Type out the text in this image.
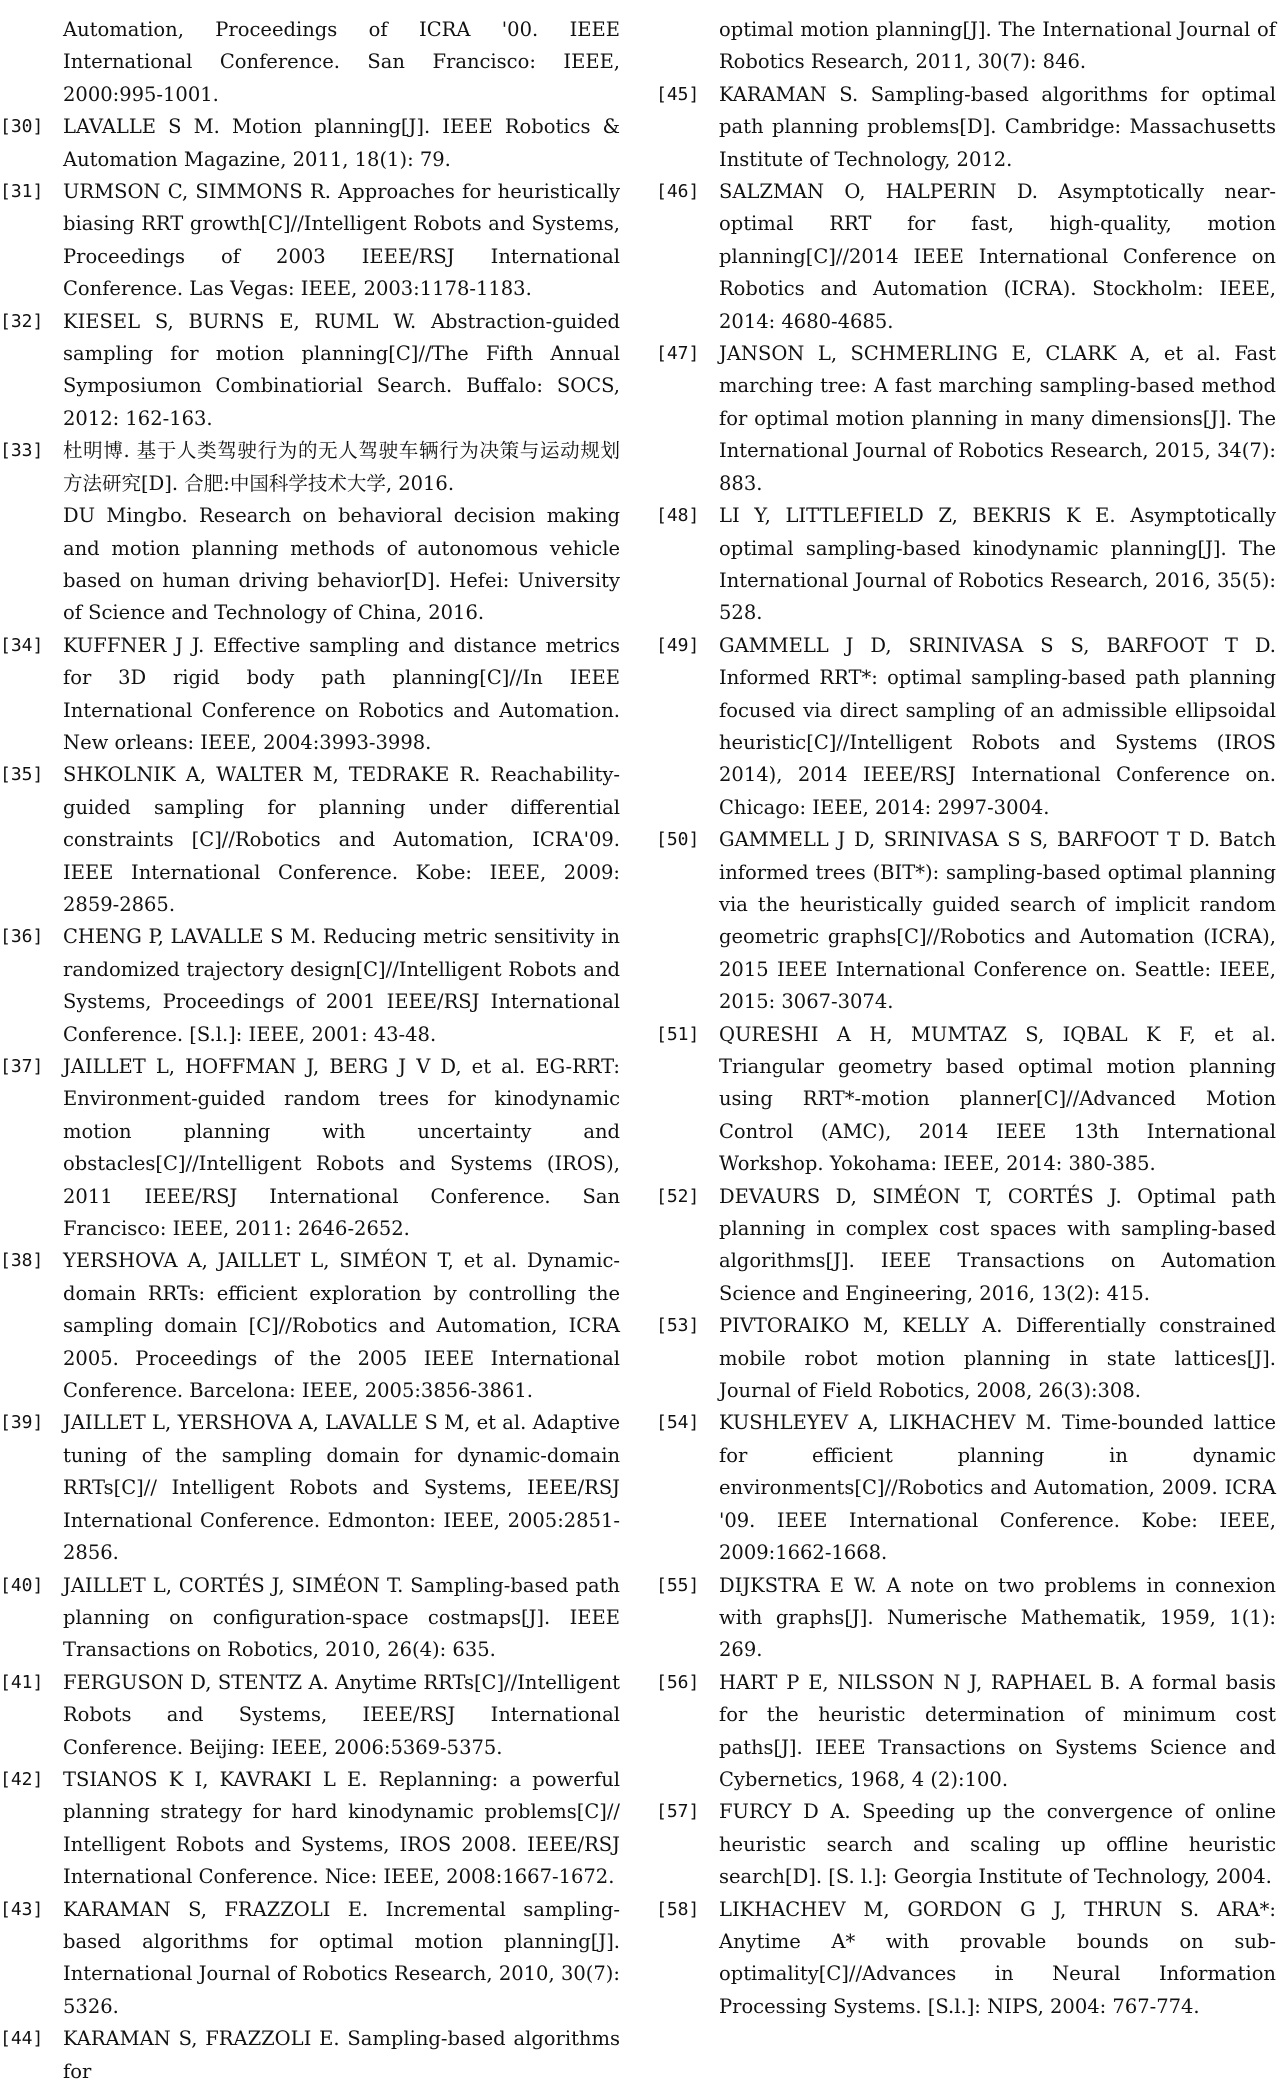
Automation, Proceedings of ICRA '00. IEEE International Conference. San Francisco: IEEE, 2000:995-1001.
[30] LAVALLE S M. Motion planning[J]. IEEE Robotics & Automation Magazine, 2011, 18(1): 79.
[31] URMSON C, SIMMONS R. Approaches for heuristically biasing RRT growth[C]//Intelligent Robots and Systems, Proceedings of 2003 IEEE/RSJ International Conference. Las Vegas: IEEE, 2003:1178-1183.
[32] KIESEL S, BURNS E, RUML W. Abstraction-guided sampling for motion planning[C]//The Fifth Annual Symposiumon Combinatiorial Search. Buffalo: SOCS, 2012: 162-163.
[33] 杜明博. 基于人类驾驶行为的无人驾驶车辆行为决策与运动规划方法研究[D]. 合肥:中国科学技术大学, 2016.
DU Mingbo. Research on behavioral decision making and motion planning methods of autonomous vehicle based on human driving behavior[D]. Hefei: University of Science and Technology of China, 2016.
[34] KUFFNER J J. Effective sampling and distance metrics for 3D rigid body path planning[C]//In IEEE International Conference on Robotics and Automation. New orleans: IEEE, 2004:3993-3998.
[35] SHKOLNIK A, WALTER M, TEDRAKE R. Reachability-guided sampling for planning under differential constraints [C]//Robotics and Automation, ICRA'09. IEEE International Conference. Kobe: IEEE, 2009: 2859-2865.
[36] CHENG P, LAVALLE S M. Reducing metric sensitivity in randomized trajectory design[C]//Intelligent Robots and Systems, Proceedings of 2001 IEEE/RSJ International Conference. [S.l.]: IEEE, 2001: 43-48.
[37] JAILLET L, HOFFMAN J, BERG J V D, et al. EG-RRT: Environment-guided random trees for kinodynamic motion planning with uncertainty and obstacles[C]//Intelligent Robots and Systems (IROS), 2011 IEEE/RSJ International Conference. San Francisco: IEEE, 2011: 2646-2652.
[38] YERSHOVA A, JAILLET L, SIMÉON T, et al. Dynamic-domain RRTs: efficient exploration by controlling the sampling domain [C]//Robotics and Automation, ICRA 2005. Proceedings of the 2005 IEEE International Conference. Barcelona: IEEE, 2005:3856-3861.
[39] JAILLET L, YERSHOVA A, LAVALLE S M, et al. Adaptive tuning of the sampling domain for dynamic-domain RRTs[C]// Intelligent Robots and Systems, IEEE/RSJ International Conference. Edmonton: IEEE, 2005:2851-2856.
[40] JAILLET L, CORTÉS J, SIMÉON T. Sampling-based path planning on configuration-space costmaps[J]. IEEE Transactions on Robotics, 2010, 26(4): 635.
[41] FERGUSON D, STENTZ A. Anytime RRTs[C]//Intelligent Robots and Systems, IEEE/RSJ International Conference. Beijing: IEEE, 2006:5369-5375.
[42] TSIANOS K I, KAVRAKI L E. Replanning: a powerful planning strategy for hard kinodynamic problems[C]// Intelligent Robots and Systems, IROS 2008. IEEE/RSJ International Conference. Nice: IEEE, 2008:1667-1672.
[43] KARAMAN S, FRAZZOLI E. Incremental sampling-based algorithms for optimal motion planning[J]. International Journal of Robotics Research, 2010, 30(7): 5326.
[44] KARAMAN S, FRAZZOLI E. Sampling-based algorithms for
optimal motion planning[J]. The International Journal of Robotics Research, 2011, 30(7): 846.
[45] KARAMAN S. Sampling-based algorithms for optimal path planning problems[D]. Cambridge: Massachusetts Institute of Technology, 2012.
[46] SALZMAN O, HALPERIN D. Asymptotically near-optimal RRT for fast, high-quality, motion planning[C]//2014 IEEE International Conference on Robotics and Automation (ICRA). Stockholm: IEEE, 2014: 4680-4685.
[47] JANSON L, SCHMERLING E, CLARK A, et al. Fast marching tree: A fast marching sampling-based method for optimal motion planning in many dimensions[J]. The International Journal of Robotics Research, 2015, 34(7): 883.
[48] LI Y, LITTLEFIELD Z, BEKRIS K E. Asymptotically optimal sampling-based kinodynamic planning[J]. The International Journal of Robotics Research, 2016, 35(5): 528.
[49] GAMMELL J D, SRINIVASA S S, BARFOOT T D. Informed RRT*: optimal sampling-based path planning focused via direct sampling of an admissible ellipsoidal heuristic[C]//Intelligent Robots and Systems (IROS 2014), 2014 IEEE/RSJ International Conference on. Chicago: IEEE, 2014: 2997-3004.
[50] GAMMELL J D, SRINIVASA S S, BARFOOT T D. Batch informed trees (BIT*): sampling-based optimal planning via the heuristically guided search of implicit random geometric graphs[C]//Robotics and Automation (ICRA), 2015 IEEE International Conference on. Seattle: IEEE, 2015: 3067-3074.
[51] QURESHI A H, MUMTAZ S, IQBAL K F, et al. Triangular geometry based optimal motion planning using RRT*-motion planner[C]//Advanced Motion Control (AMC), 2014 IEEE 13th International Workshop. Yokohama: IEEE, 2014: 380-385.
[52] DEVAURS D, SIMÉON T, CORTÉS J. Optimal path planning in complex cost spaces with sampling-based algorithms[J]. IEEE Transactions on Automation Science and Engineering, 2016, 13(2): 415.
[53] PIVTORAIKO M, KELLY A. Differentially constrained mobile robot motion planning in state lattices[J]. Journal of Field Robotics, 2008, 26(3):308.
[54] KUSHLEYEV A, LIKHACHEV M. Time-bounded lattice for efficient planning in dynamic environments[C]//Robotics and Automation, 2009. ICRA '09. IEEE International Conference. Kobe: IEEE, 2009:1662-1668.
[55] DIJKSTRA E W. A note on two problems in connexion with graphs[J]. Numerische Mathematik, 1959, 1(1): 269.
[56] HART P E, NILSSON N J, RAPHAEL B. A formal basis for the heuristic determination of minimum cost paths[J]. IEEE Transactions on Systems Science and Cybernetics, 1968, 4 (2):100.
[57] FURCY D A. Speeding up the convergence of online heuristic search and scaling up offline heuristic search[D]. [S. l.]: Georgia Institute of Technology, 2004.
[58] LIKHACHEV M, GORDON G J, THRUN S. ARA*: Anytime A* with provable bounds on sub-optimality[C]//Advances in Neural Information Processing Systems. [S.l.]: NIPS, 2004: 767-774.
